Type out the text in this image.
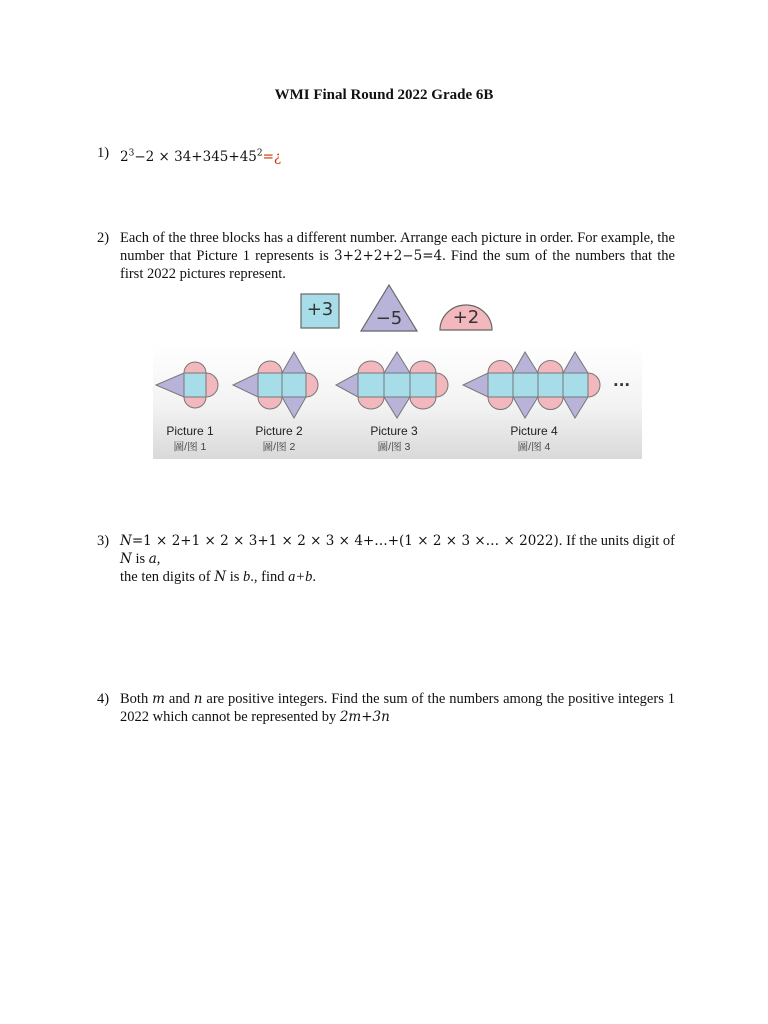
WMI Final Round 2022 Grade 6B
1) $2^3-2$ × $34+345+45^2=¿$
2) Each of the three blocks has a different number. Arrange each picture in order. For example, the number that Picture 1 represents is 3+2+2+2−5=4. Find the sum of the numbers that the first 2022 pictures represent.
+3	−5	+2
···
Picture 1
圖/图 1
Picture 2
圖/图 2
Picture 3
圖/图 3
Picture 4
圖/图 4
3) N=1 × 2+1 × 2 × 3+1 × 2 × 3 × 4+…+(1 × 2 × 3 ×… × 2022). If the units digit of N is a,
the ten digits of N is b., find a+b.
4) Both m and n are positive integers. Find the sum of the numbers among the positive integers 1 2022 which cannot be represented by 2m+3n
